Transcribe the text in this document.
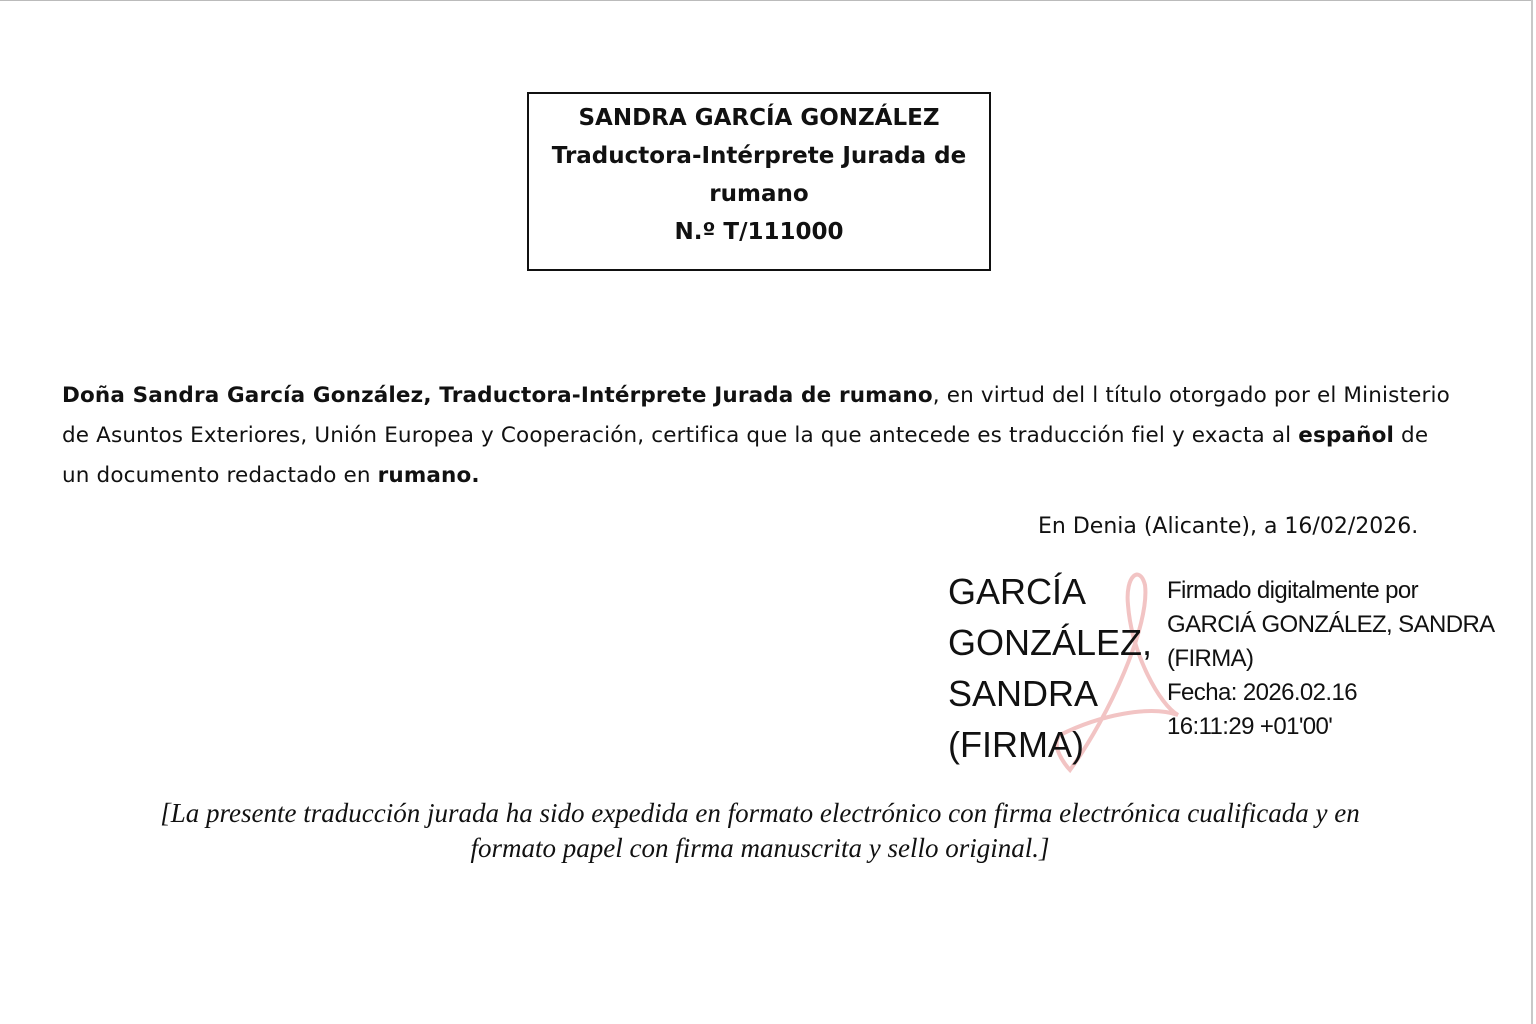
SANDRA GARCÍA GONZÁLEZ
Traductora-Intérprete Jurada de
rumano
N.º T/111000
Doña Sandra García González, Traductora-Intérprete Jurada de rumano, en virtud del l título otorgado por el Ministerio de Asuntos Exteriores, Unión Europea y Cooperación, certifica que la que antecede es traducción fiel y exacta al español de un documento redactado en rumano.
En Denia (Alicante), a 16/02/2026.
GARCÍA
GONZÁLEZ,
SANDRA
(FIRMA)
Firmado digitalmente por
GARCIÁ GONZÁLEZ, SANDRA
(FIRMA)
Fecha: 2026.02.16
16:11:29 +01'00'
[La presente traducción jurada ha sido expedida en formato electrónico con firma electrónica cualificada y en
formato papel con firma manuscrita y sello original.]
